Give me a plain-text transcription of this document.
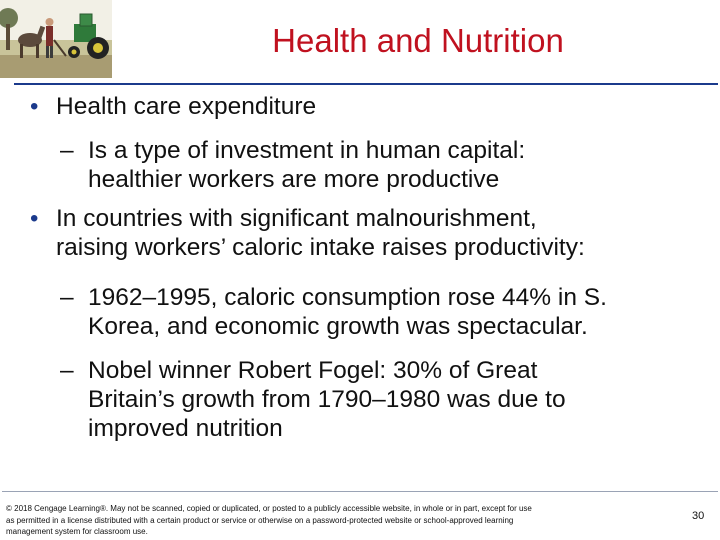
Health and Nutrition
• Health care expenditure
– Is a type of investment in human capital:
healthier workers are more productive
• In countries with significant malnourishment,
raising workers’ caloric intake raises productivity:
– 1962–1995, caloric consumption rose 44% in S.
Korea, and economic growth was spectacular.
– Nobel winner Robert Fogel: 30% of Great
Britain’s growth from 1790–1980 was due to
improved nutrition
© 2018 Cengage Learning®. May not be scanned, copied or duplicated, or posted to a publicly accessible website, in whole or in part, except for use
as permitted in a license distributed with a certain product or service or otherwise on a password-protected website or school-approved learning
management system for classroom use.
30
